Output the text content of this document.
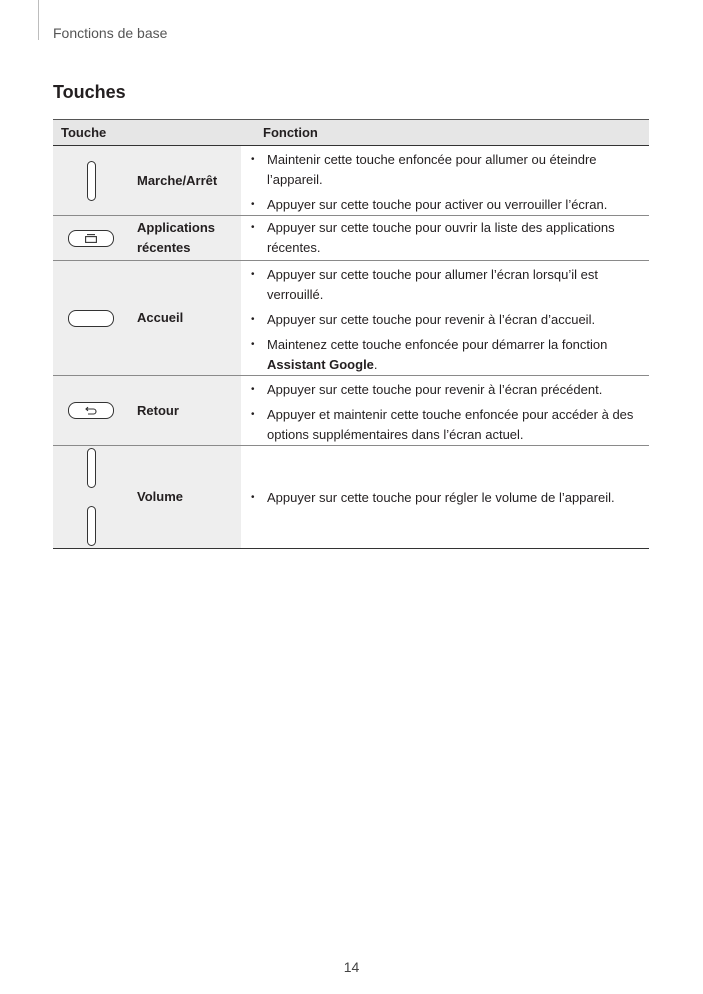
Fonctions de base
Touches
Touche	Fonction
Marche/Arrêt
• Maintenir cette touche enfoncée pour allumer ou éteindre l’appareil.
• Appuyer sur cette touche pour activer ou verrouiller l’écran.
Applications récentes
• Appuyer sur cette touche pour ouvrir la liste des applications récentes.
Accueil
• Appuyer sur cette touche pour allumer l’écran lorsqu’il est verrouillé.
• Appuyer sur cette touche pour revenir à l’écran d’accueil.
• Maintenez cette touche enfoncée pour démarrer la fonction Assistant Google.
Retour
• Appuyer sur cette touche pour revenir à l’écran précédent.
• Appuyer et maintenir cette touche enfoncée pour accéder à des options supplémentaires dans l’écran actuel.
Volume	• Appuyer sur cette touche pour régler le volume de l’appareil.
14
